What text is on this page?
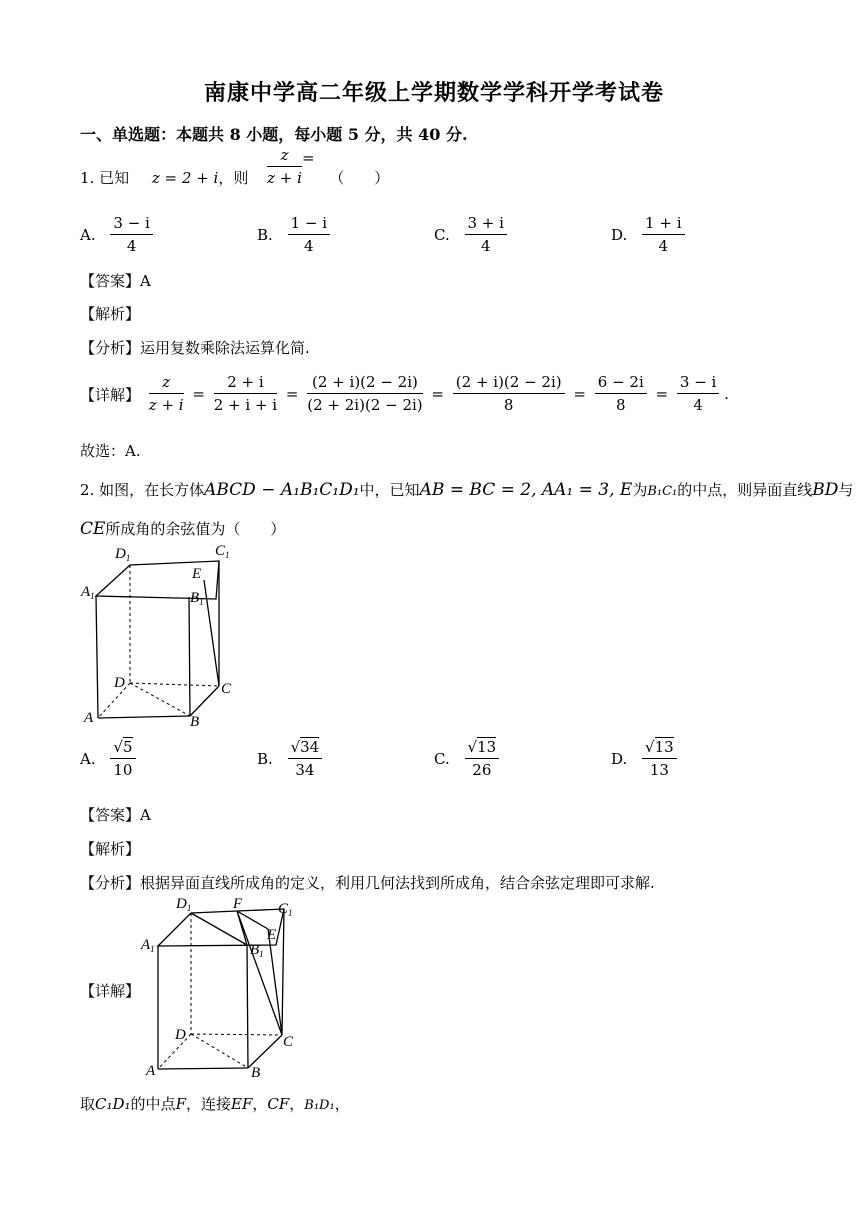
南康中学高二年级上学期数学学科开学考试卷
一、单选题：本题共 8 小题，每小题 5 分，共 40 分.
1. 已知 z = 2 + i，则 $\frac{z}{z + i}$ = （　　）
A. $\frac{3 - i}{4}$	B. $\frac{1 - i}{4}$	C. $\frac{3 + i}{4}$	D. $\frac{1 + i}{4}$
【答案】A
【解析】
【分析】运用复数乘除法运算化简.
【详解】 $\frac{z}{z + i} = \frac{2 + i}{2 + i + i} = \frac{(2 + i)(2 - 2i)}{(2 + 2i)(2 - 2i)} = \frac{(2 + i)(2 - 2i)}{8} = \frac{6 - 2i}{8} = \frac{3 - i}{4}$ .
故选：A.
2. 如图，在长方体ABCD − A₁B₁C₁D₁中，已知AB = BC = 2, AA₁ = 3, E为B₁C₁的中点，则异面直线BD与
CE所成角的余弦值为（　　）
$D_1$	$C_1$
E
$A_1$	$B_1$
D	C
A	B
A. $\frac{√5}{10}$	B. $\frac{√34}{34}$	C. $\frac{√13}{26}$	D. $\frac{√13}{13}$
【答案】A
【解析】
【分析】根据异面直线所成角的定义，利用几何法找到所成角，结合余弦定理即可求解.
【详解】
$D_1$	F $C_1$
E
$A_1$	$B_1$
D	C
A	B
取C₁D₁的中点F，连接EF，CF，B₁D₁，
